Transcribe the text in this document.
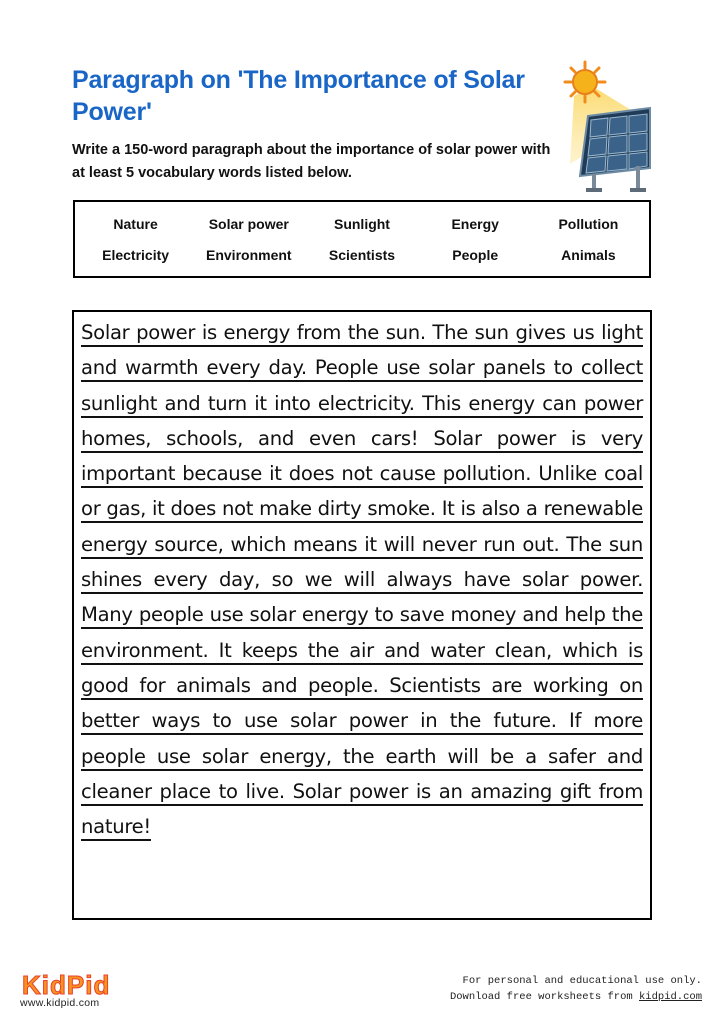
Paragraph on 'The Importance of Solar Power'

Write a 150-word paragraph about the importance of solar power with at least 5 vocabulary words listed below.

Nature	Solar power	Sunlight	Energy	Pollution
Electricity	Environment	Scientists	People	Animals

Solar power is energy from the sun. The sun gives us light and warmth every day. People use solar panels to collect sunlight and turn it into electricity. This energy can power homes, schools, and even cars! Solar power is very important because it does not cause pollution. Unlike coal or gas, it does not make dirty smoke. It is also a renewable energy source, which means it will never run out. The sun shines every day, so we will always have solar power. Many people use solar energy to save money and help the environment. It keeps the air and water clean, which is good for animals and people. Scientists are working on better ways to use solar power in the future. If more people use solar energy, the earth will be a safer and cleaner place to live. Solar power is an amazing gift from nature!

KidPid
www.kidpid.com
For personal and educational use only.
Download free worksheets from kidpid.com
